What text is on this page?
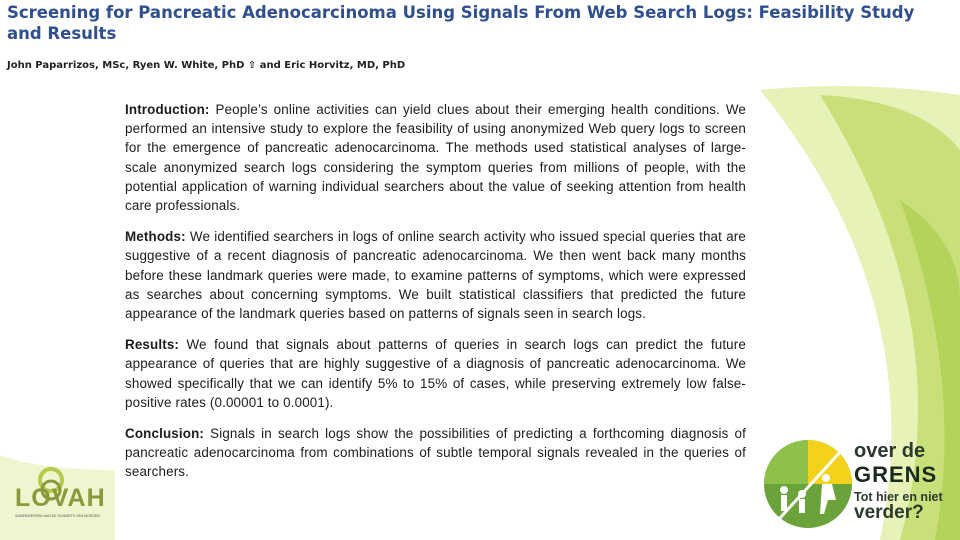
Screening for Pancreatic Adenocarcinoma Using Signals From Web Search Logs: Feasibility Study and Results

John Paparrizos, MSc, Ryen W. White, PhD ⇧ and Eric Horvitz, MD, PhD

Introduction: People’s online activities can yield clues about their emerging health conditions. We performed an intensive study to explore the feasibility of using anonymized Web query logs to screen for the emergence of pancreatic adenocarcinoma. The methods used statistical analyses of large-scale anonymized search logs considering the symptom queries from millions of people, with the potential application of warning individual searchers about the value of seeking attention from health care professionals.

Methods: We identified searchers in logs of online search activity who issued special queries that are suggestive of a recent diagnosis of pancreatic adenocarcinoma. We then went back many months before these landmark queries were made, to examine patterns of symptoms, which were expressed as searches about concerning symptoms. We built statistical classifiers that predicted the future appearance of the landmark queries based on patterns of signals seen in search logs.

Results: We found that signals about patterns of queries in search logs can predict the future appearance of queries that are highly suggestive of a diagnosis of pancreatic adenocarcinoma. We showed specifically that we can identify 5% to 15% of cases, while preserving extremely low false-positive rates (0.00001 to 0.0001).

Conclusion: Signals in search logs show the possibilities of predicting a forthcoming diagnosis of pancreatic adenocarcinoma from combinations of subtle temporal signals revealed in the queries of searchers.

LOVAH
SAMENWERKEN AAN DE HUISARTS VAN MORGEN
over de
GRENS
Tot hier en niet
verder?
